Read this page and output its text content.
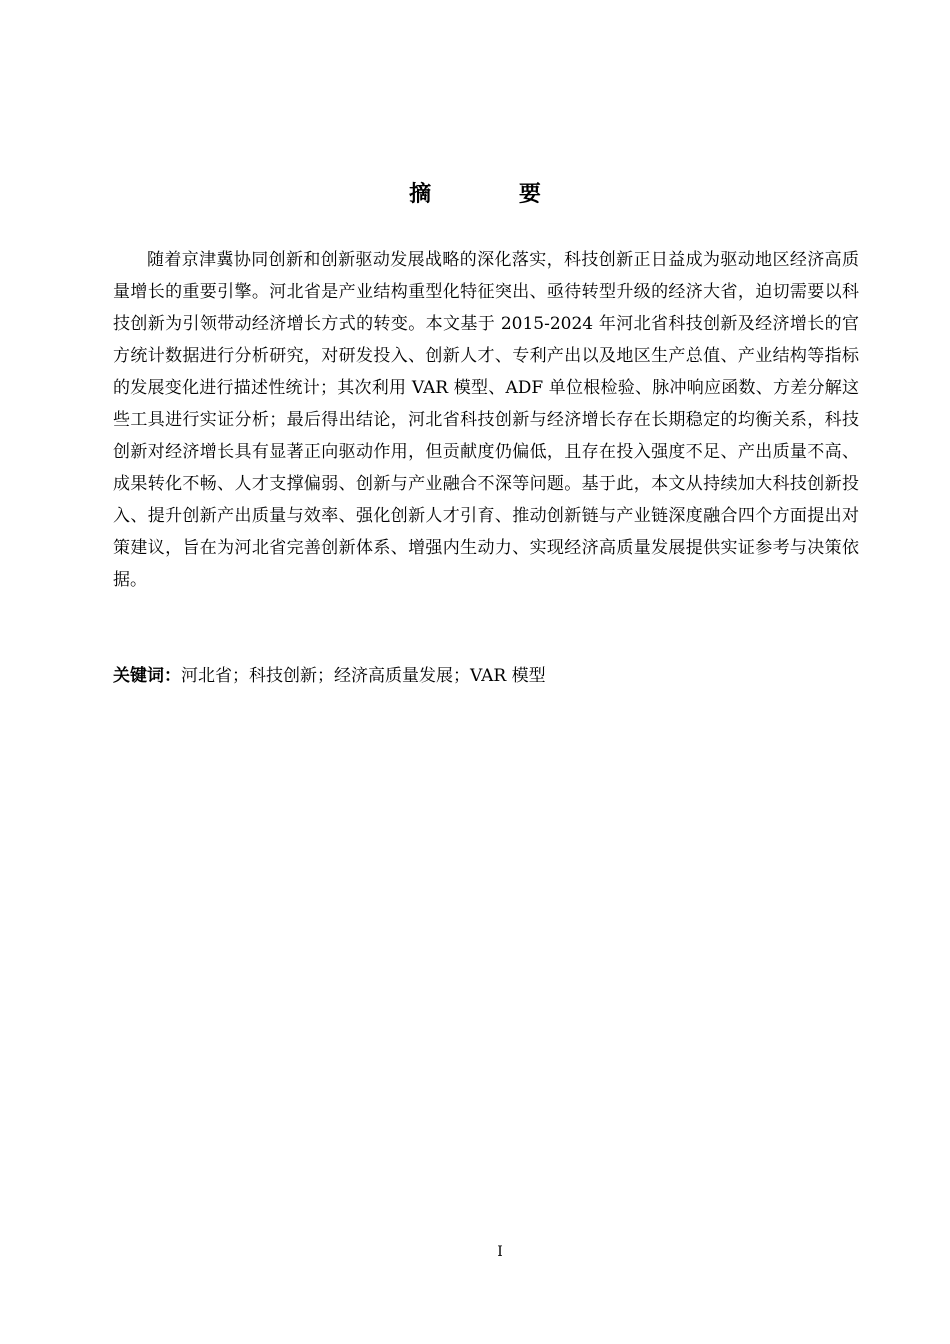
摘 要

随着京津冀协同创新和创新驱动发展战略的深化落实，科技创新正日益成为驱动地区经济高质量增长的重要引擎。河北省是产业结构重型化特征突出、亟待转型升级的经济大省，迫切需要以科技创新为引领带动经济增长方式的转变。本文基于 2015-2024 年河北省科技创新及经济增长的官方统计数据进行分析研究，对研发投入、创新人才、专利产出以及地区生产总值、产业结构等指标的发展变化进行描述性统计；其次利用 VAR 模型、ADF 单位根检验、脉冲响应函数、方差分解这些工具进行实证分析；最后得出结论，河北省科技创新与经济增长存在长期稳定的均衡关系，科技创新对经济增长具有显著正向驱动作用，但贡献度仍偏低，且存在投入强度不足、产出质量不高、成果转化不畅、人才支撑偏弱、创新与产业融合不深等问题。基于此，本文从持续加大科技创新投入、提升创新产出质量与效率、强化创新人才引育、推动创新链与产业链深度融合四个方面提出对策建议，旨在为河北省完善创新体系、增强内生动力、实现经济高质量发展提供实证参考与决策依据。

关键词：河北省；科技创新；经济高质量发展；VAR 模型

I
